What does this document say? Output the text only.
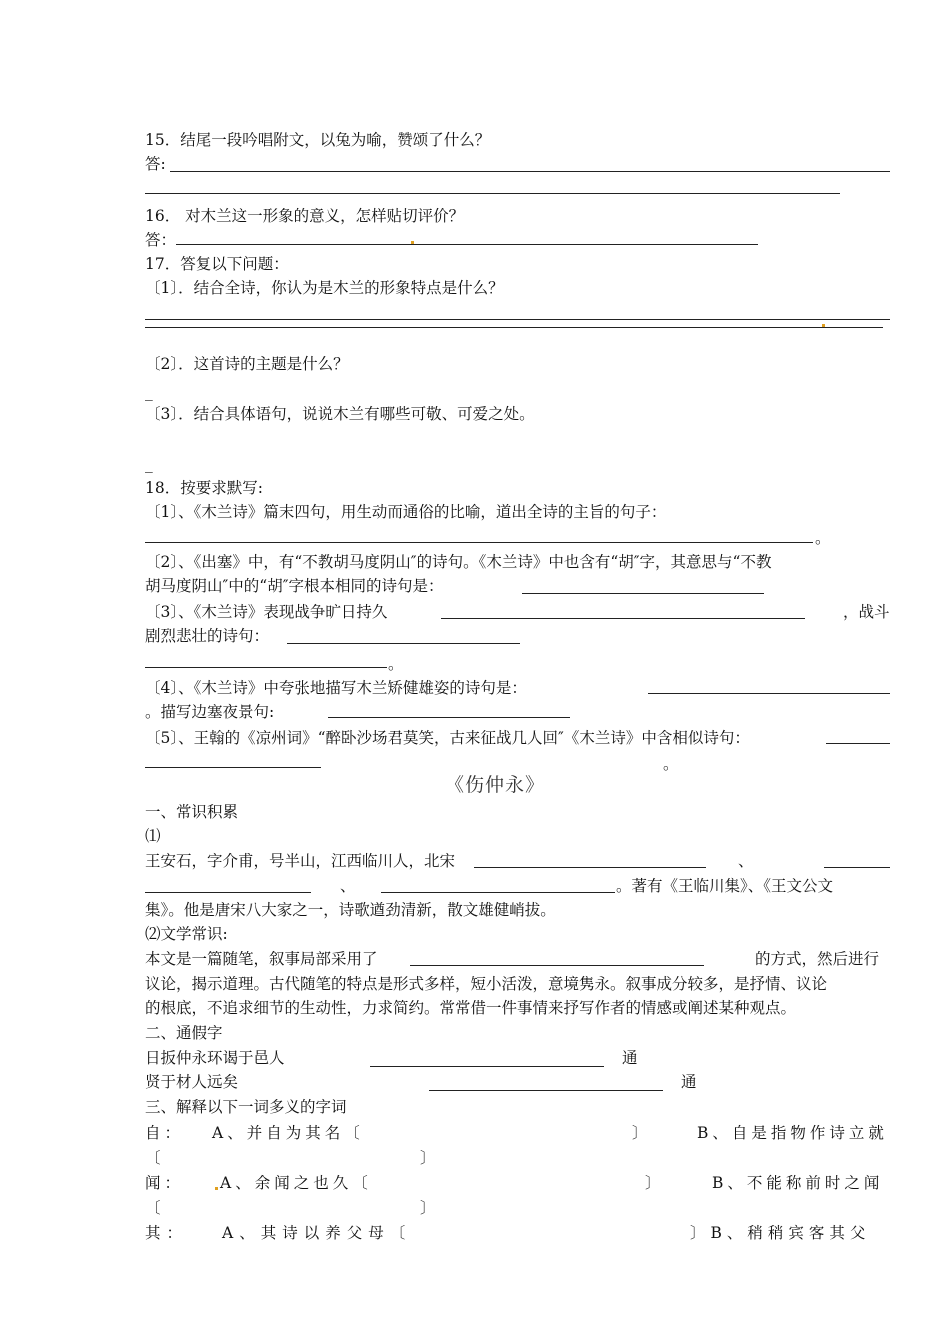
15．结尾一段吟唱附文，以兔为喻，赞颂了什么？
答:
16． 对木兰这一形象的意义，怎样贴切评价？
答：
17．答复以下问题：
〔1〕．结合全诗，你认为是木兰的形象特点是什么？
〔2〕．这首诗的主题是什么？
_
〔3〕．结合具体语句，说说木兰有哪些可敬、可爱之处。
_
18．按要求默写:
〔1〕、《木兰诗》篇末四句，用生动而通俗的比喻，道出全诗的主旨的句子：
。
〔2〕、《出塞》中，有“不教胡马度阴山″的诗句。《木兰诗》中也含有“胡″字，其意思与“不教
胡马度阴山″中的“胡″字根本相同的诗句是：
〔3〕、《木兰诗》表现战争旷日持久	，战斗
剧烈悲壮的诗句：
。
〔4〕、《木兰诗》中夸张地描写木兰矫健雄姿的诗句是：
。描写边塞夜景句:
〔5〕、王翰的《凉州词》“醉卧沙场君莫笑，古来征战几人回″《木兰诗》中含相似诗句：
。
《伤仲永》
一、常识积累
⑴
王安石，字介甫，号半山，江西临川人，北宋	、
、	。著有《王临川集》、《王文公文
集》。他是唐宋八大家之一，诗歌遒劲清新，散文雄健峭拔。
⑵文学常识:
本文是一篇随笔，叙事局部采用了	的方式，然后进行
议论，揭示道理。古代随笔的特点是形式多样，短小活泼，意境隽永。叙事成分较多，是抒情、议论
的根底，不追求细节的生动性，力求简约。常常借一件事情来抒写作者的情感或阐述某种观点。
二、通假字
日扳仲永环谒于邑人	通
贤于材人远矣	通
三、解释以下一词多义的字词
自： A、并自为其名〔	〕	B、自是指物作诗立就
〔	〕
闻： A、余闻之也久〔	〕	B、不能称前时之闻
〔	〕
其： A、其诗以养父母〔	〕B、稍稍宾客其父
